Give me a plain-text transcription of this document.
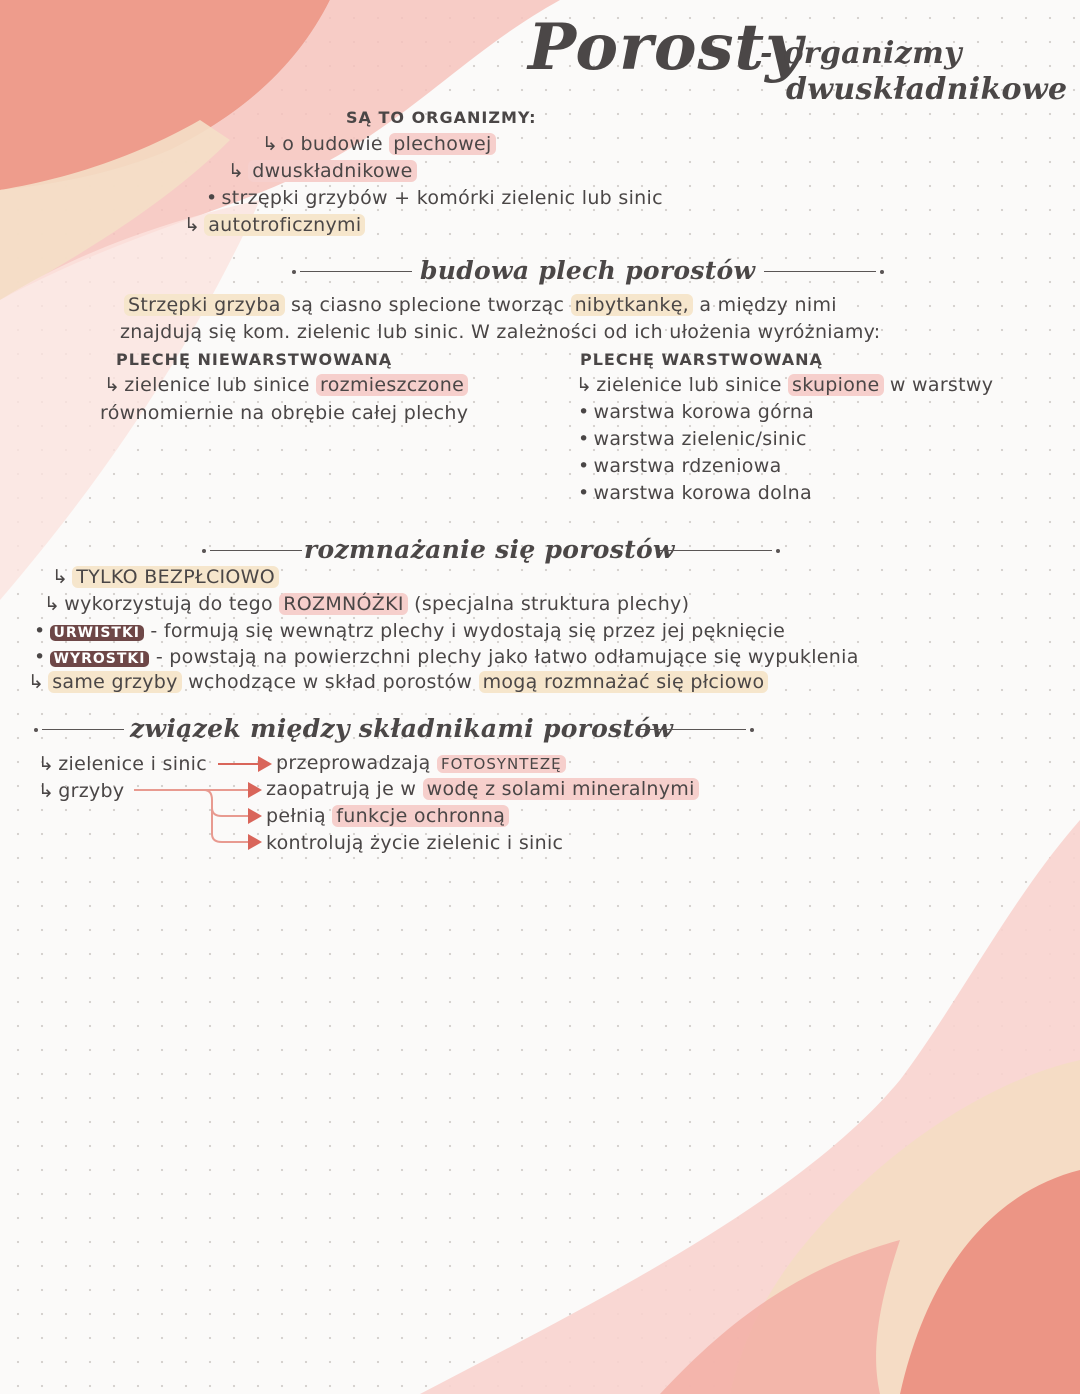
Porosty
- organizmy
dwuskładnikowe
SĄ TO ORGANIZMY:
↳ o budowie plechowej
↳ dwuskładnikowe
• strzępki grzybów + komórki zielenic lub sinic
↳ autotroficznymi
budowa plech porostów
Strzępki grzyba są ciasno splecione tworząc nibytkankę, a między nimi
znajdują się kom. zielenic lub sinic. W zależności od ich ułożenia wyróżniamy:
PLECHĘ NIEWARSTWOWANĄ
↳ zielenice lub sinice rozmieszczone
równomiernie na obrębie całej plechy
PLECHĘ WARSTWOWANĄ
↳ zielenice lub sinice skupione w warstwy
• warstwa korowa górna
• warstwa zielenic/sinic
• warstwa rdzeniowa
• warstwa korowa dolna
rozmnażanie się porostów
↳ TYLKO BEZPŁCIOWO
↳ wykorzystują do tego ROZMNÓŻKI (specjalna struktura plechy)
• URWISTKI - formują się wewnątrz plechy i wydostają się przez jej pęknięcie
• WYROSTKI - powstają na powierzchni plechy jako łatwo odłamujące się wypuklenia
↳ same grzyby wchodzące w skład porostów mogą rozmnażać się płciowo
związek między składnikami porostów
↳ zielenice i sinic
↳ grzyby
przeprowadzają FOTOSYNTEZĘ
zaopatrują je w wodę z solami mineralnymi
pełnią funkcje ochronną
kontrolują życie zielenic i sinic
